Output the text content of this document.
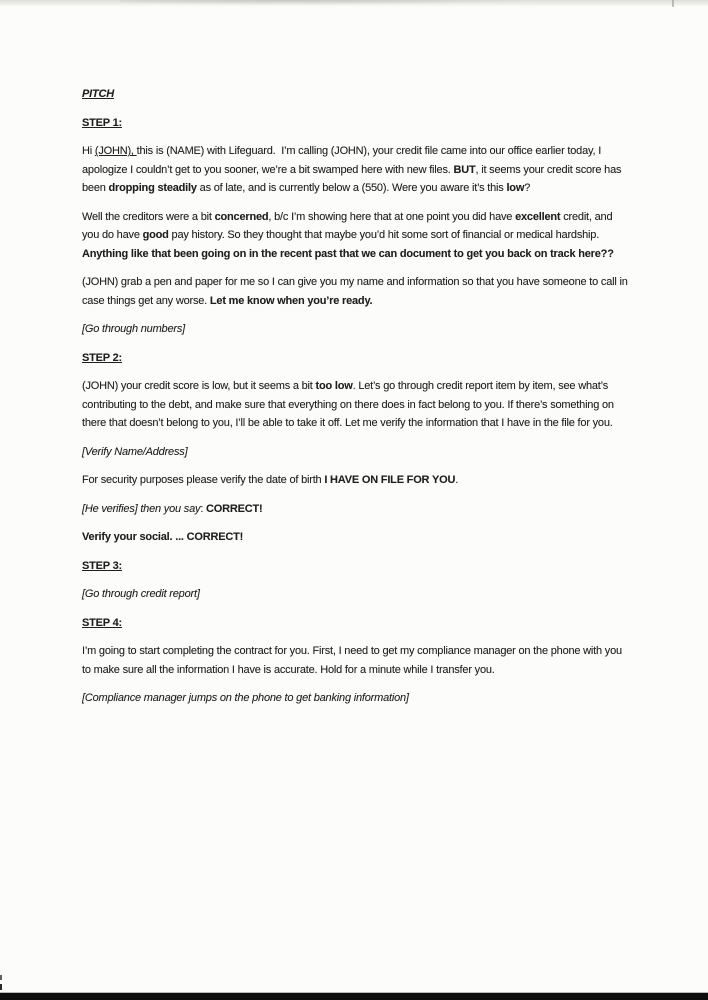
PITCH

STEP 1:

Hi (JOHN), this is (NAME) with Lifeguard.  I’m calling (JOHN), your credit file came into our office earlier today, I apologize I couldn’t get to you sooner, we’re a bit swamped here with new files. BUT, it seems your credit score has been dropping steadily as of late, and is currently below a (550). Were you aware it’s this low?

Well the creditors were a bit concerned, b/c I’m showing here that at one point you did have excellent credit, and you do have good pay history. So they thought that maybe you’d hit some sort of financial or medical hardship. Anything like that been going on in the recent past that we can document to get you back on track here??

(JOHN) grab a pen and paper for me so I can give you my name and information so that you have someone to call in case things get any worse. Let me know when you’re ready.

[Go through numbers]

STEP 2:

(JOHN) your credit score is low, but it seems a bit too low. Let’s go through credit report item by item, see what’s contributing to the debt, and make sure that everything on there does in fact belong to you. If there’s something on there that doesn’t belong to you, I’ll be able to take it off. Let me verify the information that I have in the file for you.

[Verify Name/Address]

For security purposes please verify the date of birth I HAVE ON FILE FOR YOU.

[He verifies] then you say: CORRECT!

Verify your social. ... CORRECT!

STEP 3:

[Go through credit report]

STEP 4:

I’m going to start completing the contract for you. First, I need to get my compliance manager on the phone with you to make sure all the information I have is accurate. Hold for a minute while I transfer you.

[Compliance manager jumps on the phone to get banking information]
